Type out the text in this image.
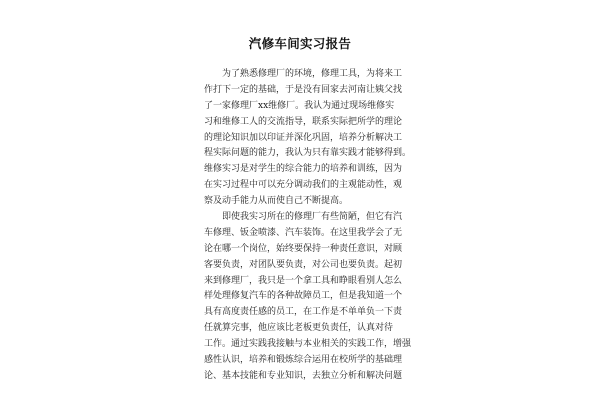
汽修车间实习报告
为了熟悉修理厂的环境，修理工具，为将来工
作打下一定的基础，于是没有回家去河南让姨父找
了一家修理厂xx维修厂。我认为通过现场维修实
习和维修工人的交流指导，联系实际把所学的理论
的理论知识加以印证并深化巩固，培养分析解决工
程实际问题的能力，我认为只有靠实践才能够得到。
维修实习是对学生的综合能力的培养和训练，因为
在实习过程中可以充分调动我们的主观能动性，观
察及动手能力从而使自己不断提高。
即使我实习所在的修理厂有些简陋，但它有汽
车修理、钣金喷漆、汽车装饰。在这里我学会了无
论在哪一个岗位，始终要保持一种责任意识，对顾
客要负责，对团队要负责，对公司也要负责。起初
来到修理厂，我只是一个拿工具和睁眼看别人怎么
样处理修复汽车的各种故障员工，但是我知道一个
具有高度责任感的员工，在工作是不单单负一下责
任就算完事，他应该比老板更负责任，认真对待
工作。通过实践我接触与本业相关的实践工作，增强
感性认识，培养和锻炼综合运用在校所学的基础理
论、基本技能和专业知识，去独立分析和解决问题
